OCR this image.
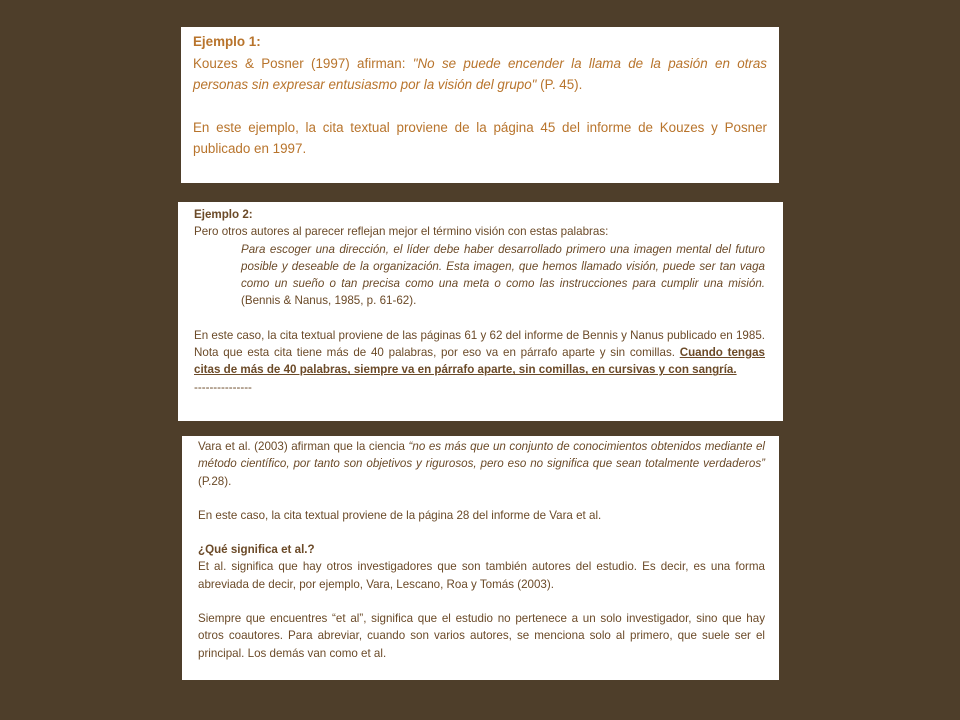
Ejemplo 1:

Kouzes & Posner (1997) afirman: "No se puede encender la llama de la pasión en otras personas sin expresar entusiasmo por la visión del grupo" (P. 45).

En este ejemplo, la cita textual proviene de la página 45 del informe de Kouzes y Posner publicado en 1997.

Ejemplo 2:

Pero otros autores al parecer reflejan mejor el término visión con estas palabras:

Para escoger una dirección, el líder debe haber desarrollado primero una imagen mental del futuro posible y deseable de la organización. Esta imagen, que hemos llamado visión, puede ser tan vaga como un sueño o tan precisa como una meta o como las instrucciones para cumplir una misión. (Bennis & Nanus, 1985, p. 61-62).

En este caso, la cita textual proviene de las páginas 61 y 62 del informe de Bennis y Nanus publicado en 1985. Nota que esta cita tiene más de 40 palabras, por eso va en párrafo aparte y sin comillas. Cuando tengas citas de más de 40 palabras, siempre va en párrafo aparte, sin comillas, en cursivas y con sangría.

---------------

Vara et al. (2003) afirman que la ciencia “no es más que un conjunto de conocimientos obtenidos mediante el método científico, por tanto son objetivos y rigurosos, pero eso no significa que sean totalmente verdaderos” (P.28).

En este caso, la cita textual proviene de la página 28 del informe de Vara et al.

¿Qué significa et al.?

Et al. significa que hay otros investigadores que son también autores del estudio. Es decir, es una forma abreviada de decir, por ejemplo, Vara, Lescano, Roa y Tomás (2003).

Siempre que encuentres “et al”, significa que el estudio no pertenece a un solo investigador, sino que hay otros coautores. Para abreviar, cuando son varios autores, se menciona solo al primero, que suele ser el principal. Los demás van como et al.
